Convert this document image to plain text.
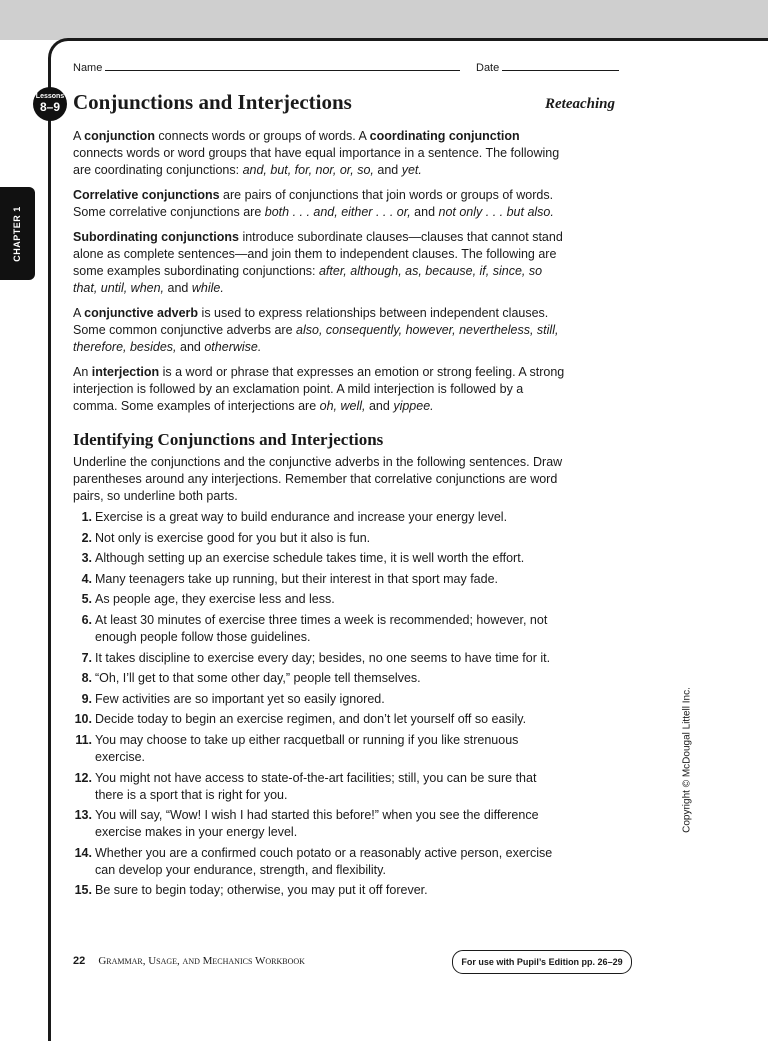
Name	Date
Lessons
8–9
CHAPTER 1
Conjunctions and Interjections	Reteaching

A conjunction connects words or groups of words. A coordinating conjunction connects words or word groups that have equal importance in a sentence. The following are coordinating conjunctions: and, but, for, nor, or, so, and yet.

Correlative conjunctions are pairs of conjunctions that join words or groups of words. Some correlative conjunctions are both . . . and, either . . . or, and not only . . . but also.

Subordinating conjunctions introduce subordinate clauses—clauses that cannot stand alone as complete sentences—and join them to independent clauses. The following are some examples subordinating conjunctions: after, although, as, because, if, since, so that, until, when, and while.

A conjunctive adverb is used to express relationships between independent clauses. Some common conjunctive adverbs are also, consequently, however, nevertheless, still, therefore, besides, and otherwise.

An interjection is a word or phrase that expresses an emotion or strong feeling. A strong interjection is followed by an exclamation point. A mild interjection is followed by a comma. Some examples of interjections are oh, well, and yippee.

Identifying Conjunctions and Interjections
Underline the conjunctions and the conjunctive adverbs in the following sentences. Draw parentheses around any interjections. Remember that correlative conjunctions are word pairs, so underline both parts.
1. Exercise is a great way to build endurance and increase your energy level.
2. Not only is exercise good for you but it also is fun.
3. Although setting up an exercise schedule takes time, it is well worth the effort.
4. Many teenagers take up running, but their interest in that sport may fade.
5. As people age, they exercise less and less.
6. At least 30 minutes of exercise three times a week is recommended; however, not enough people follow those guidelines.
7. It takes discipline to exercise every day; besides, no one seems to have time for it.
8. “Oh, I’ll get to that some other day,” people tell themselves.
9. Few activities are so important yet so easily ignored.
10. Decide today to begin an exercise regimen, and don’t let yourself off so easily.
11. You may choose to take up either racquetball or running if you like strenuous exercise.
12. You might not have access to state-of-the-art facilities; still, you can be sure that there is a sport that is right for you.
13. You will say, “Wow! I wish I had started this before!” when you see the difference exercise makes in your energy level.
14. Whether you are a confirmed couch potato or a reasonably active person, exercise can develop your endurance, strength, and flexibility.
15. Be sure to begin today; otherwise, you may put it off forever.
Copyright © McDougal Littell Inc.
22 Grammar, Usage, and Mechanics Workbook	For use with Pupil’s Edition pp. 26–29
